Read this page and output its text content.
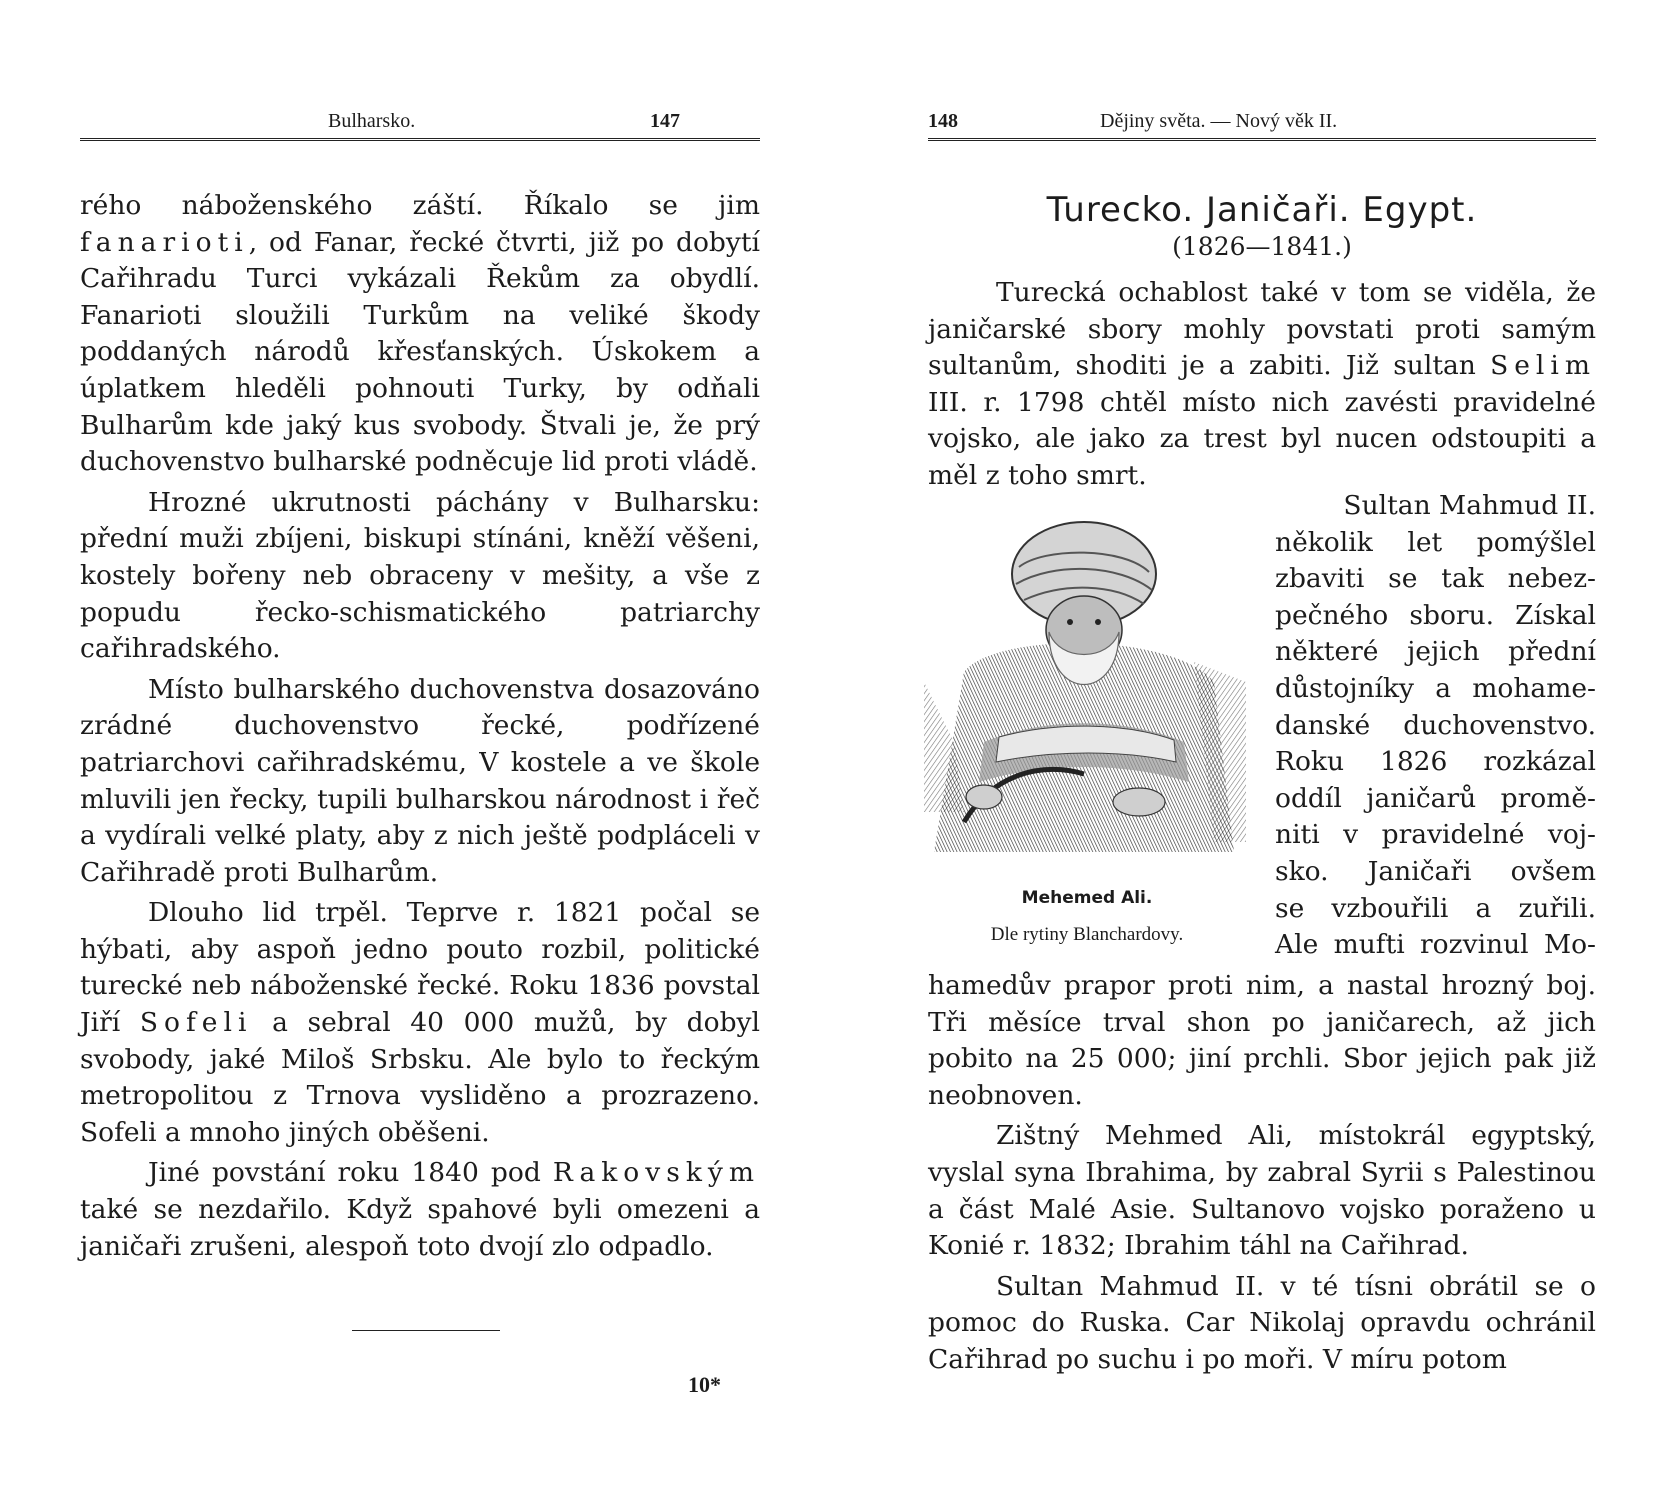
Bulharsko.	147

rého náboženského záští. Říkalo se jim fanarioti, od Fanar, řecké čtvrti, již po dobytí Cařihradu Turci vykázali Řekům za obydlí. Fanarioti sloužili Turkům na veliké škody poddaných národů křesťanských. Úskokem a úplatkem hleděli pohnouti Turky, by odňali Bulharům kde jaký kus svobody. Štvali je, že prý duchovenstvo bulharské podněcuje lid proti vládě.

Hrozné ukrutnosti páchány v Bulharsku: přední muži zbíjeni, biskupi stínáni, kněží věšeni, kostely bořeny neb obraceny v mešity, a vše z popudu řecko-schismatického patriarchy cařihradského.

Místo bulharského duchovenstva dosazováno zrádné duchovenstvo řecké, podřízené patriarchovi cařihradskému, V kostele a ve škole mluvili jen řecky, tupili bulharskou národnost i řeč a vydírali velké platy, aby z nich ještě podpláceli v Cařihradě proti Bulharům.

Dlouho lid trpěl. Teprve r. 1821 počal se hýbati, aby aspoň jedno pouto rozbil, politické turecké neb náboženské řecké. Roku 1836 povstal Jiří Sofeli a sebral 40 000 mužů, by dobyl svobody, jaké Miloš Srbsku. Ale bylo to řeckým metropolitou z Trnova vysliděno a prozrazeno. Sofeli a mnoho jiných oběšeni.

Jiné povstání roku 1840 pod Rakovským také se nezdařilo. Když spahové byli omezeni a janičaři zrušeni, alespoň toto dvojí zlo odpadlo.

10*
148	Dějiny světa. — Nový věk II.
Turecko. Janičaři. Egypt.
(1826—1841.)

Turecká ochablost také v tom se viděla, že janičarské sbory mohly povstati proti samým sultanům, shoditi je a zabiti. Již sultan Selim III. r. 1798 chtěl místo nich zavésti pravidelné vojsko, ale jako za trest byl nucen odstoupiti a měl z toho smrt.

Mehemed Ali.
Dle rytiny Blanchardovy.
Sultan Mahmud II.
několik let pomýšlel
zbaviti se tak nebez-
pečného sboru. Získal
některé jejich přední
důstojníky a mohame-
danské duchovenstvo.
Roku 1826 rozkázal
oddíl janičarů promě-
niti v pravidelné voj-
sko. Janičaři ovšem
se vzbouřili a zuřili.
Ale mufti rozvinul Mo-

hamedův prapor proti nim, a nastal hrozný boj. Tři měsíce trval shon po janičarech, až jich pobito na 25 000; jiní prchli. Sbor jejich pak již neobnoven.

Zištný Mehmed Ali, místokrál egyptský, vyslal syna Ibrahima, by zabral Syrii s Palestinou a část Malé Asie. Sultanovo vojsko poraženo u Konié r. 1832; Ibrahim táhl na Cařihrad.

Sultan Mahmud II. v té tísni obrátil se o pomoc do Ruska. Car Nikolaj opravdu ochránil Cařihrad po suchu i po moři. V míru potom
